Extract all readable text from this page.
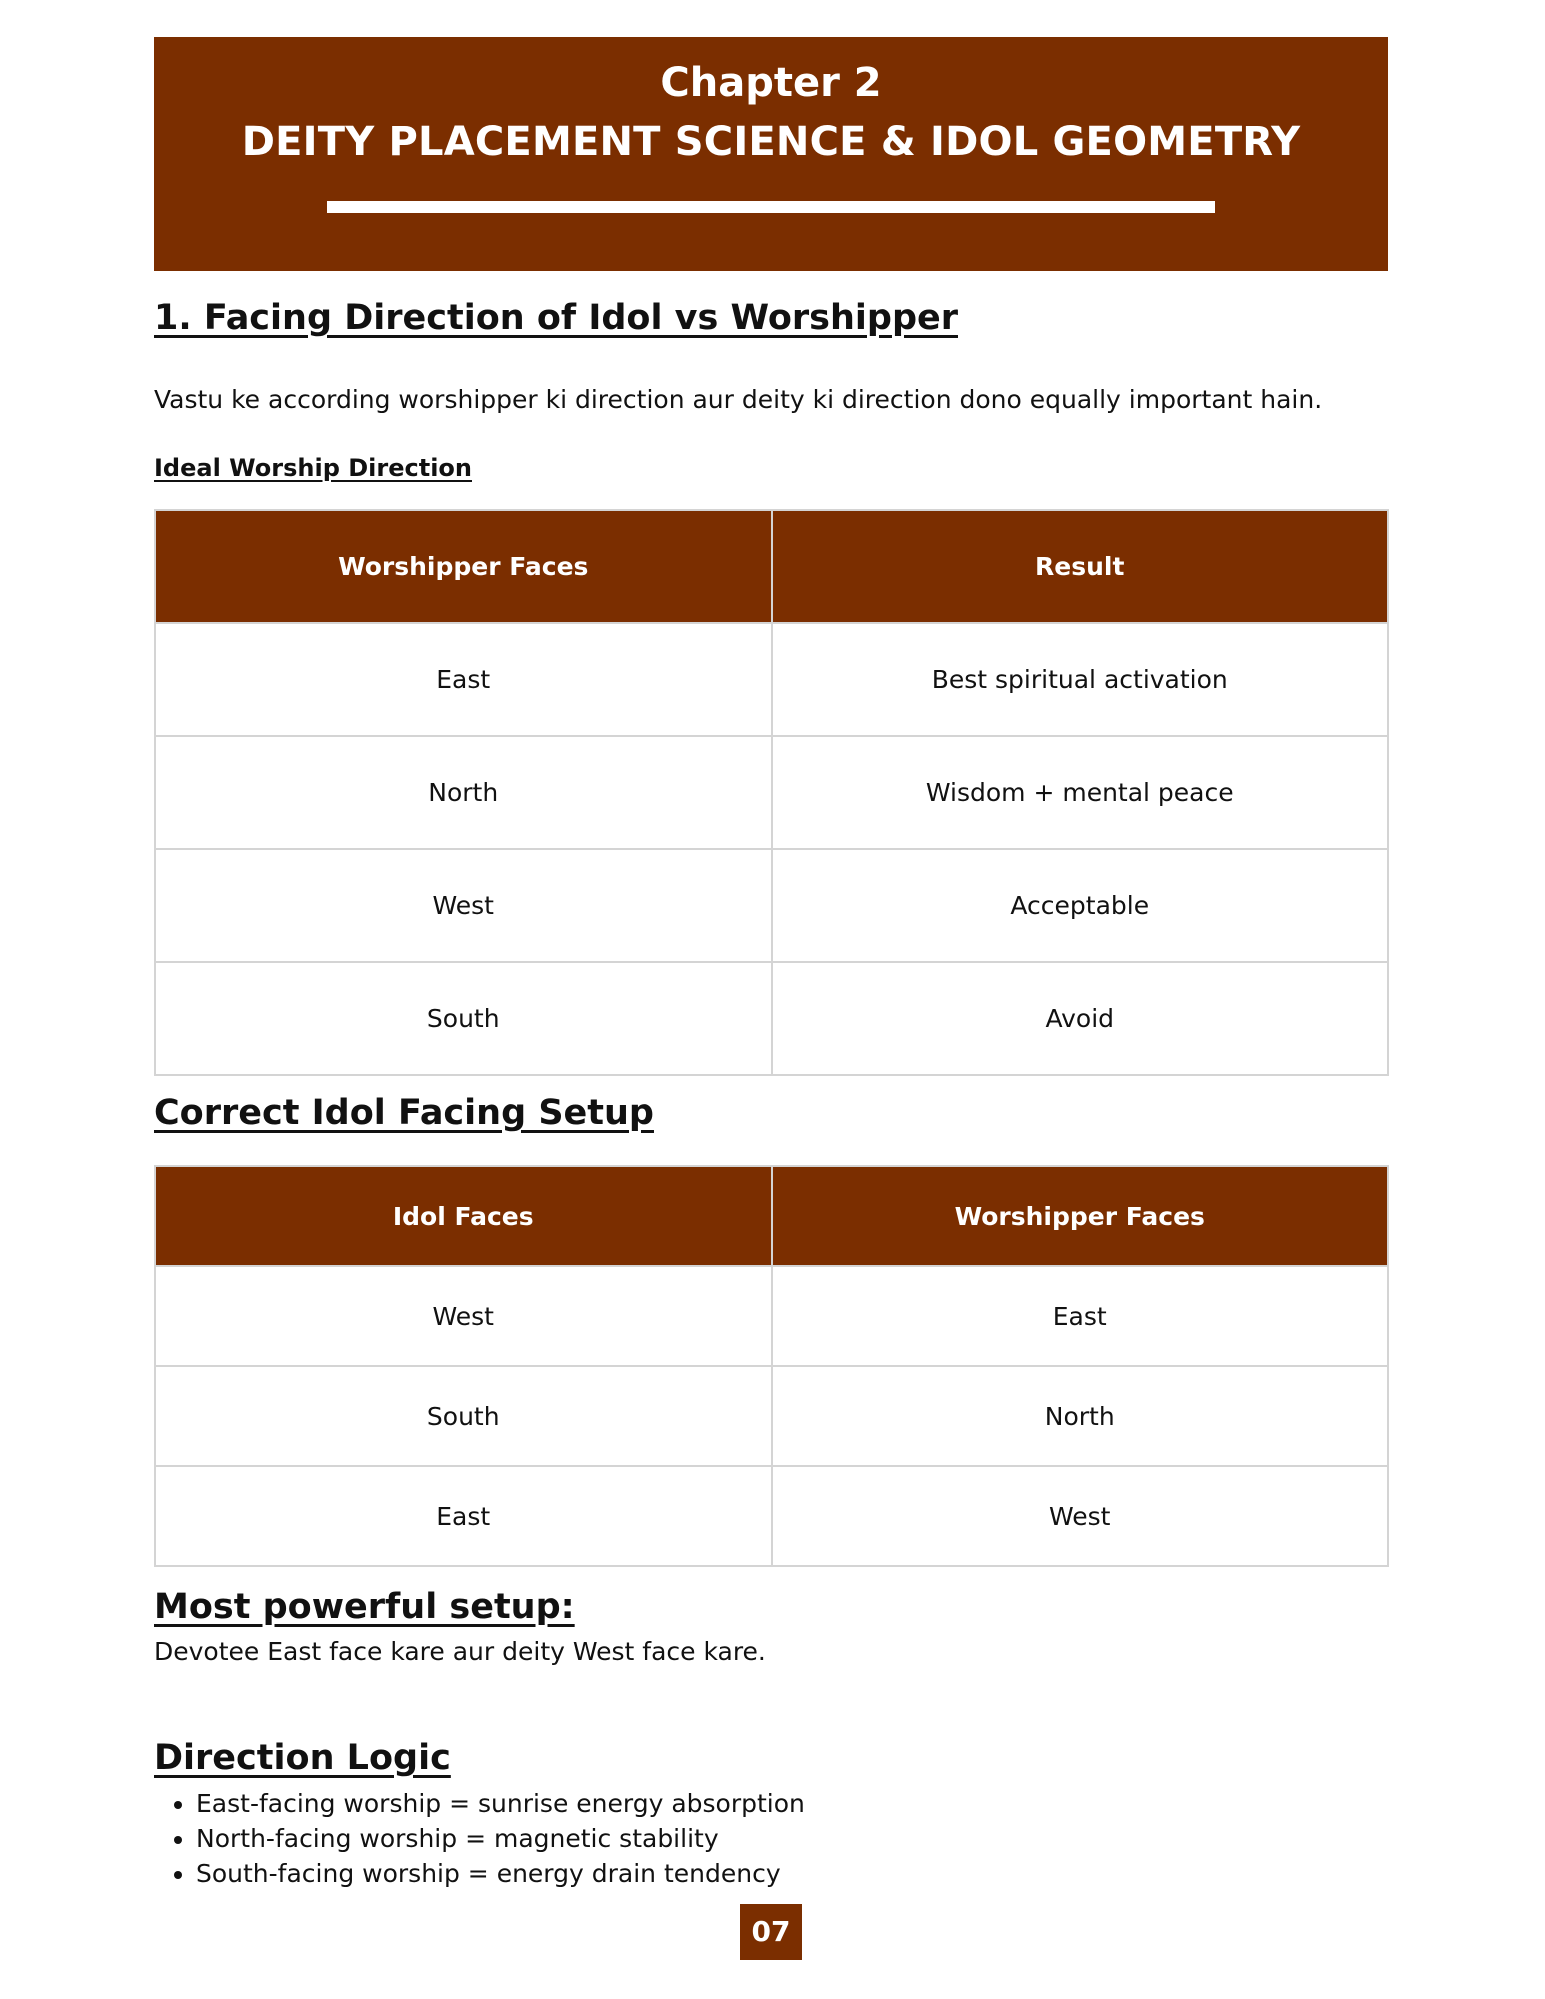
Chapter 2
DEITY PLACEMENT SCIENCE & IDOL GEOMETRY
1. Facing Direction of Idol vs Worshipper
Vastu ke according worshipper ki direction aur deity ki direction dono equally important hain.
Ideal Worship Direction
Worshipper Faces	Result
East	Best spiritual activation
North	Wisdom + mental peace
West	Acceptable
South	Avoid
Correct Idol Facing Setup
Idol Faces	Worshipper Faces
West	East
South	North
East	West
Most powerful setup:
Devotee East face kare aur deity West face kare.
Direction Logic
• East-facing worship = sunrise energy absorption
• North-facing worship = magnetic stability
• South-facing worship = energy drain tendency
07
